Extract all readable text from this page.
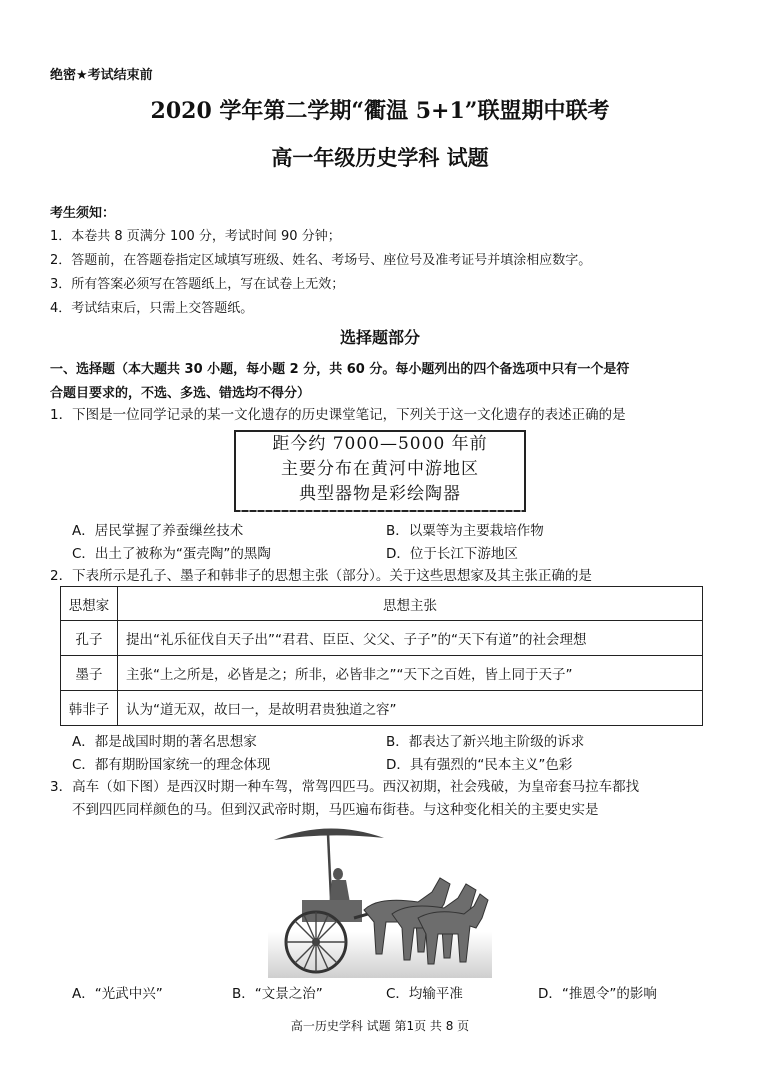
绝密★考试结束前
2020 学年第二学期“衢温 5+1”联盟期中联考
高一年级历史学科 试题
考生须知：
1．本卷共 8 页满分 100 分，考试时间 90 分钟；
2．答题前，在答题卷指定区域填写班级、姓名、考场号、座位号及准考证号并填涂相应数字。
3．所有答案必须写在答题纸上，写在试卷上无效；
4．考试结束后，只需上交答题纸。
选择题部分
一、选择题（本大题共 30 小题，每小题 2 分，共 60 分。每小题列出的四个备选项中只有一个是符
合题目要求的，不选、多选、错选均不得分）
1．下图是一位同学记录的某一文化遗存的历史课堂笔记，下列关于这一文化遗存的表述正确的是
距今约 7000—5000 年前
主要分布在黄河中游地区
典型器物是彩绘陶器
A．居民掌握了养蚕缫丝技术	B．以粟等为主要栽培作物
C．出土了被称为“蛋壳陶”的黑陶	D．位于长江下游地区
2．下表所示是孔子、墨子和韩非子的思想主张（部分）。关于这些思想家及其主张正确的是
思想家	思想主张
孔子	提出“礼乐征伐自天子出”“君君、臣臣、父父、子子”的“天下有道”的社会理想
墨子	主张“上之所是，必皆是之；所非，必皆非之”“天下之百姓，皆上同于天子”
韩非子	认为“道无双，故曰一，是故明君贵独道之容”
A．都是战国时期的著名思想家	B．都表达了新兴地主阶级的诉求
C．都有期盼国家统一的理念体现	D．具有强烈的“民本主义”色彩
3．高车（如下图）是西汉时期一种车驾，常驾四匹马。西汉初期，社会残破，为皇帝套马拉车都找
不到四匹同样颜色的马。但到汉武帝时期，马匹遍布街巷。与这种变化相关的主要史实是
A．“光武中兴”	B．“文景之治”	C．均输平准	D．“推恩令”的影响
高一历史学科 试题 第1页 共 8 页
